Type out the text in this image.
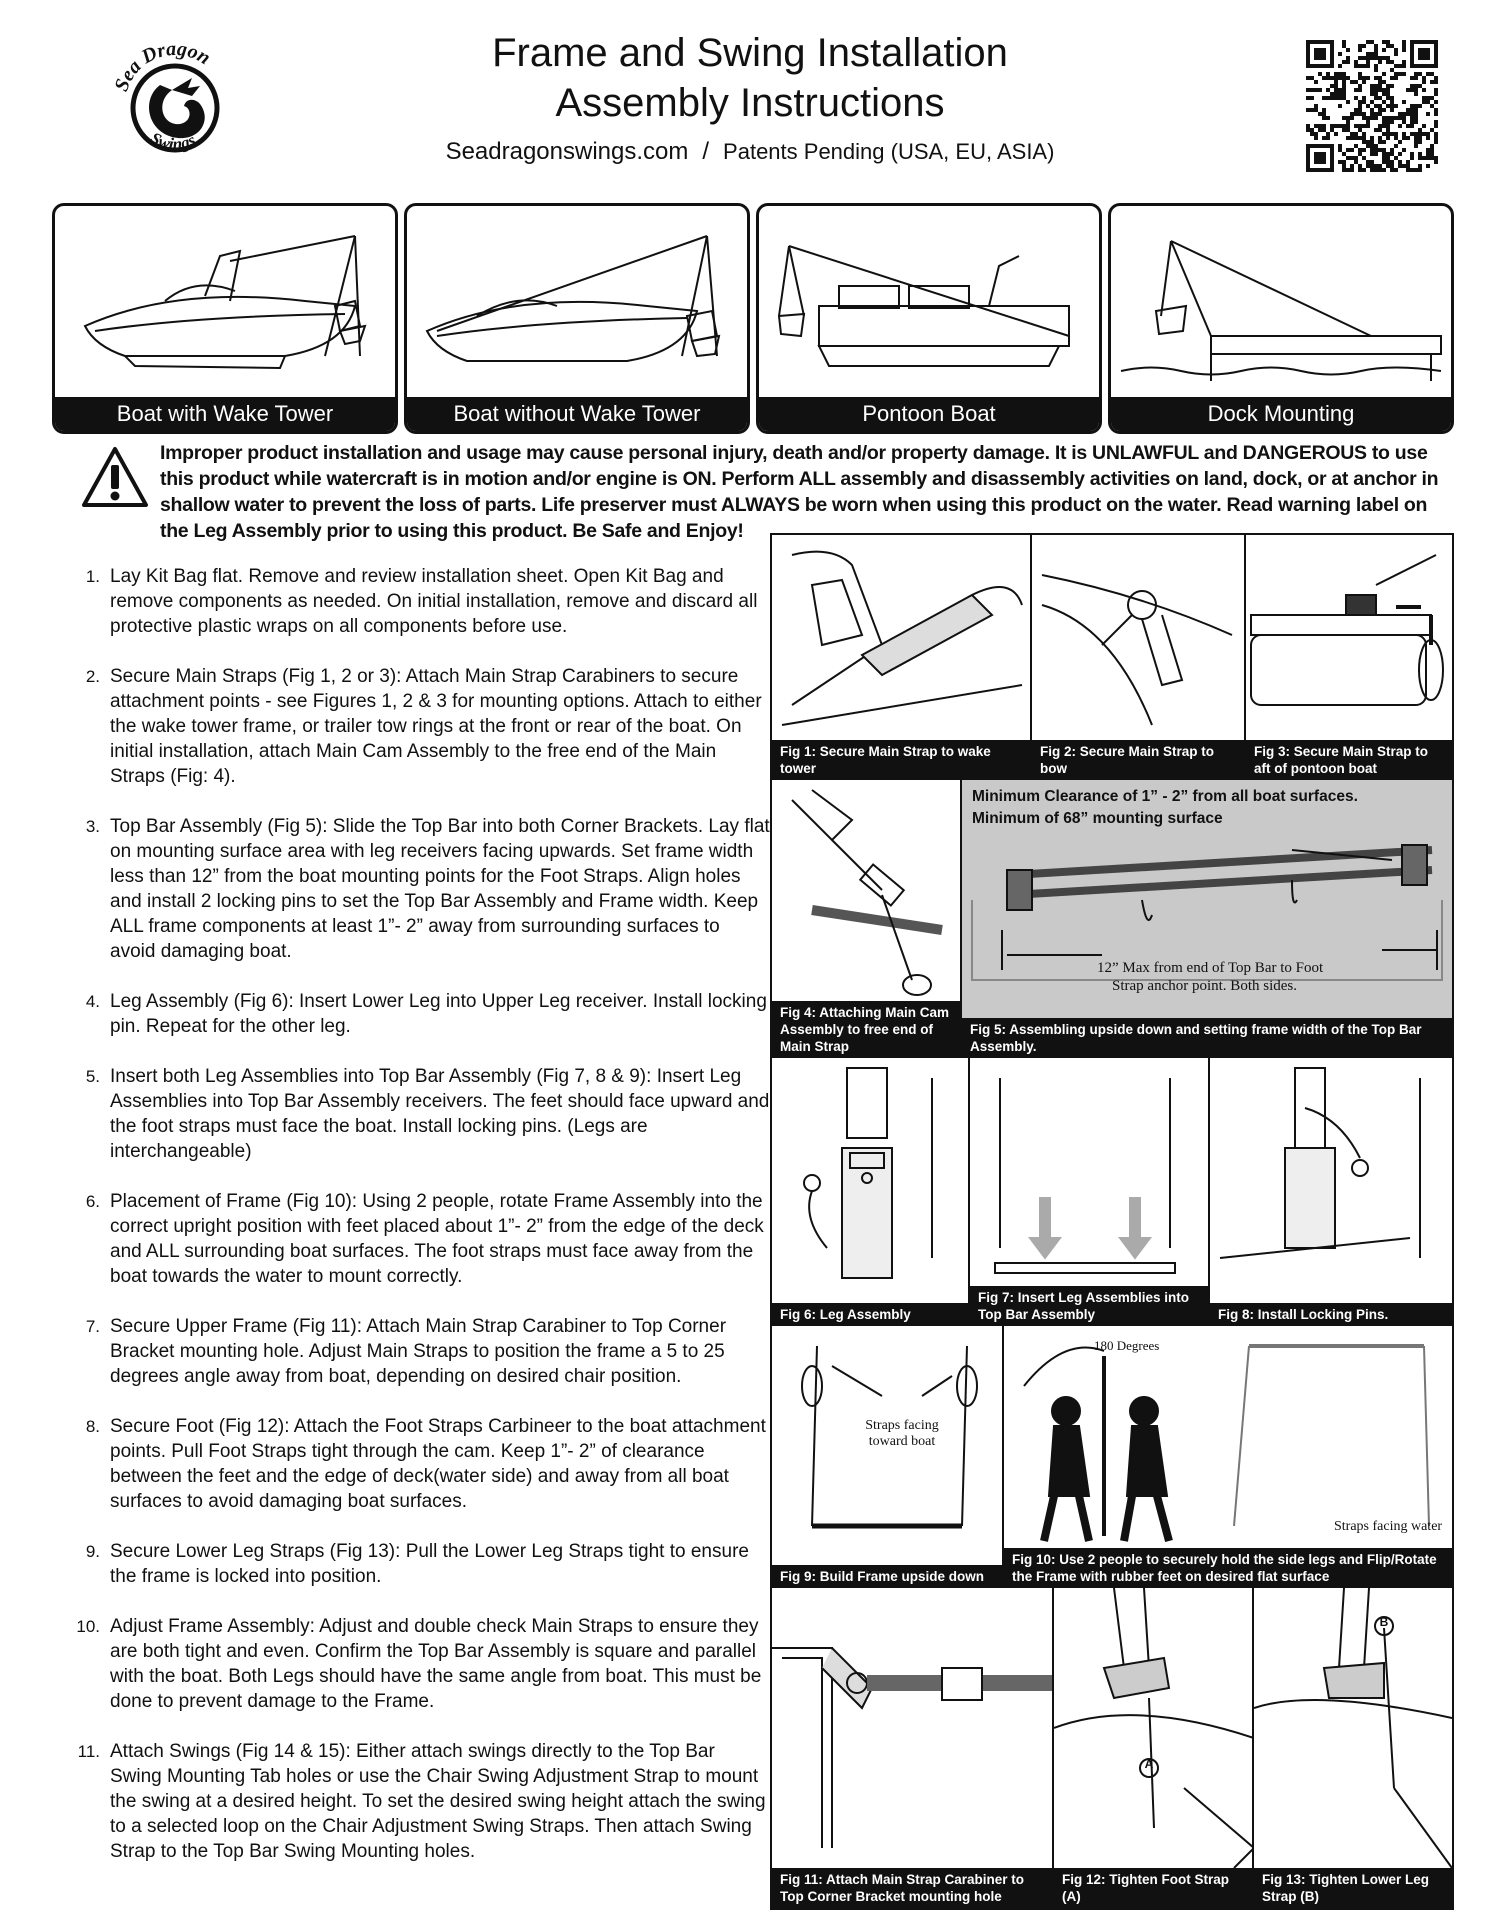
Sea Dragon
Swings
Frame and Swing Installation
Assembly Instructions
Seadragonswings.com / Patents Pending (USA, EU, ASIA)
Boat with Wake Tower	Boat without Wake Tower	Pontoon Boat	Dock Mounting
Improper product installation and usage may cause personal injury, death and/or property damage. It is UNLAWFUL and DANGEROUS to use this product while watercraft is in motion and/or engine is ON. Perform ALL assembly and disassembly activities on land, dock, or at anchor in shallow water to prevent the loss of parts. Life preserver must ALWAYS be worn when using this product on the water. Read warning label on the Leg Assembly prior to using this product. Be Safe and Enjoy!
1. Lay Kit Bag flat. Remove and review installation sheet. Open Kit Bag and remove components as needed. On initial installation, remove and discard all protective plastic wraps on all components before use.
2. Secure Main Straps (Fig 1, 2 or 3): Attach Main Strap Carabiners to secure attachment points - see Figures 1, 2 & 3 for mounting options. Attach to either the wake tower frame, or trailer tow rings at the front or rear of the boat. On initial installation, attach Main Cam Assembly to the free end of the Main Straps (Fig: 4).
3. Top Bar Assembly (Fig 5): Slide the Top Bar into both Corner Brackets. Lay flat on mounting surface area with leg receivers facing upwards. Set frame width less than 12” from the boat mounting points for the Foot Straps. Align holes and install 2 locking pins to set the Top Bar Assembly and Frame width. Keep ALL frame components at least 1”- 2” away from surrounding surfaces to avoid damaging boat.
4. Leg Assembly (Fig 6): Insert Lower Leg into Upper Leg receiver. Install locking pin. Repeat for the other leg.
5. Insert both Leg Assemblies into Top Bar Assembly (Fig 7, 8 & 9): Insert Leg Assemblies into Top Bar Assembly receivers. The feet should face upward and the foot straps must face the boat. Install locking pins. (Legs are interchangeable)
6. Placement of Frame (Fig 10): Using 2 people, rotate Frame Assembly into the correct upright position with feet placed about 1”- 2” from the edge of the deck and ALL surrounding boat surfaces. The foot straps must face away from the boat towards the water to mount correctly.
7. Secure Upper Frame (Fig 11): Attach Main Strap Carabiner to Top Corner Bracket mounting hole. Adjust Main Straps to position the frame a 5 to 25 degrees angle away from boat, depending on desired chair position.
8. Secure Foot (Fig 12): Attach the Foot Straps Carbineer to the boat attachment points. Pull Foot Straps tight through the cam. Keep 1”- 2” of clearance between the feet and the edge of deck(water side) and away from all boat surfaces to avoid damaging boat surfaces.
9. Secure Lower Leg Straps (Fig 13): Pull the Lower Leg Straps tight to ensure the frame is locked into position.
10. Adjust Frame Assembly: Adjust and double check Main Straps to ensure they are both tight and even. Confirm the Top Bar Assembly is square and parallel with the boat. Both Legs should have the same angle from boat. This must be done to prevent damage to the Frame.
11. Attach Swings (Fig 14 & 15): Either attach swings directly to the Top Bar Swing Mounting Tab holes or use the Chair Swing Adjustment Strap to mount the swing at a desired height. To set the desired swing height attach the swing to a selected loop on the Chair Adjustment Swing Straps. Then attach Swing Strap to the Top Bar Swing Mounting holes.
Fig 1: Secure Main Strap to wake tower
Fig 2: Secure Main Strap to bow
Fig 3: Secure Main Strap to aft of pontoon boat
Fig 4: Attaching Main Cam Assembly to free end of Main Strap
Minimum Clearance of 1” - 2” from all boat surfaces.
Minimum of 68” mounting surface
12” Max from end of Top Bar to Foot
Strap anchor point. Both sides.
Fig 5: Assembling upside down and setting frame width of the Top Bar Assembly.
Fig 6: Leg Assembly
Fig 7: Insert Leg Assemblies into Top Bar Assembly	Fig 8: Install Locking Pins.
Straps facing toward boat
Fig 9: Build Frame upside down
180 Degrees
Straps facing water
Fig 10: Use 2 people to securely hold the side legs and Flip/Rotate the Frame with rubber feet on desired flat surface
Fig 11: Attach Main Strap Carabiner to Top Corner Bracket mounting hole
A
Fig 12: Tighten Foot Strap (A)
B
Fig 13: Tighten Lower Leg Strap (B)
